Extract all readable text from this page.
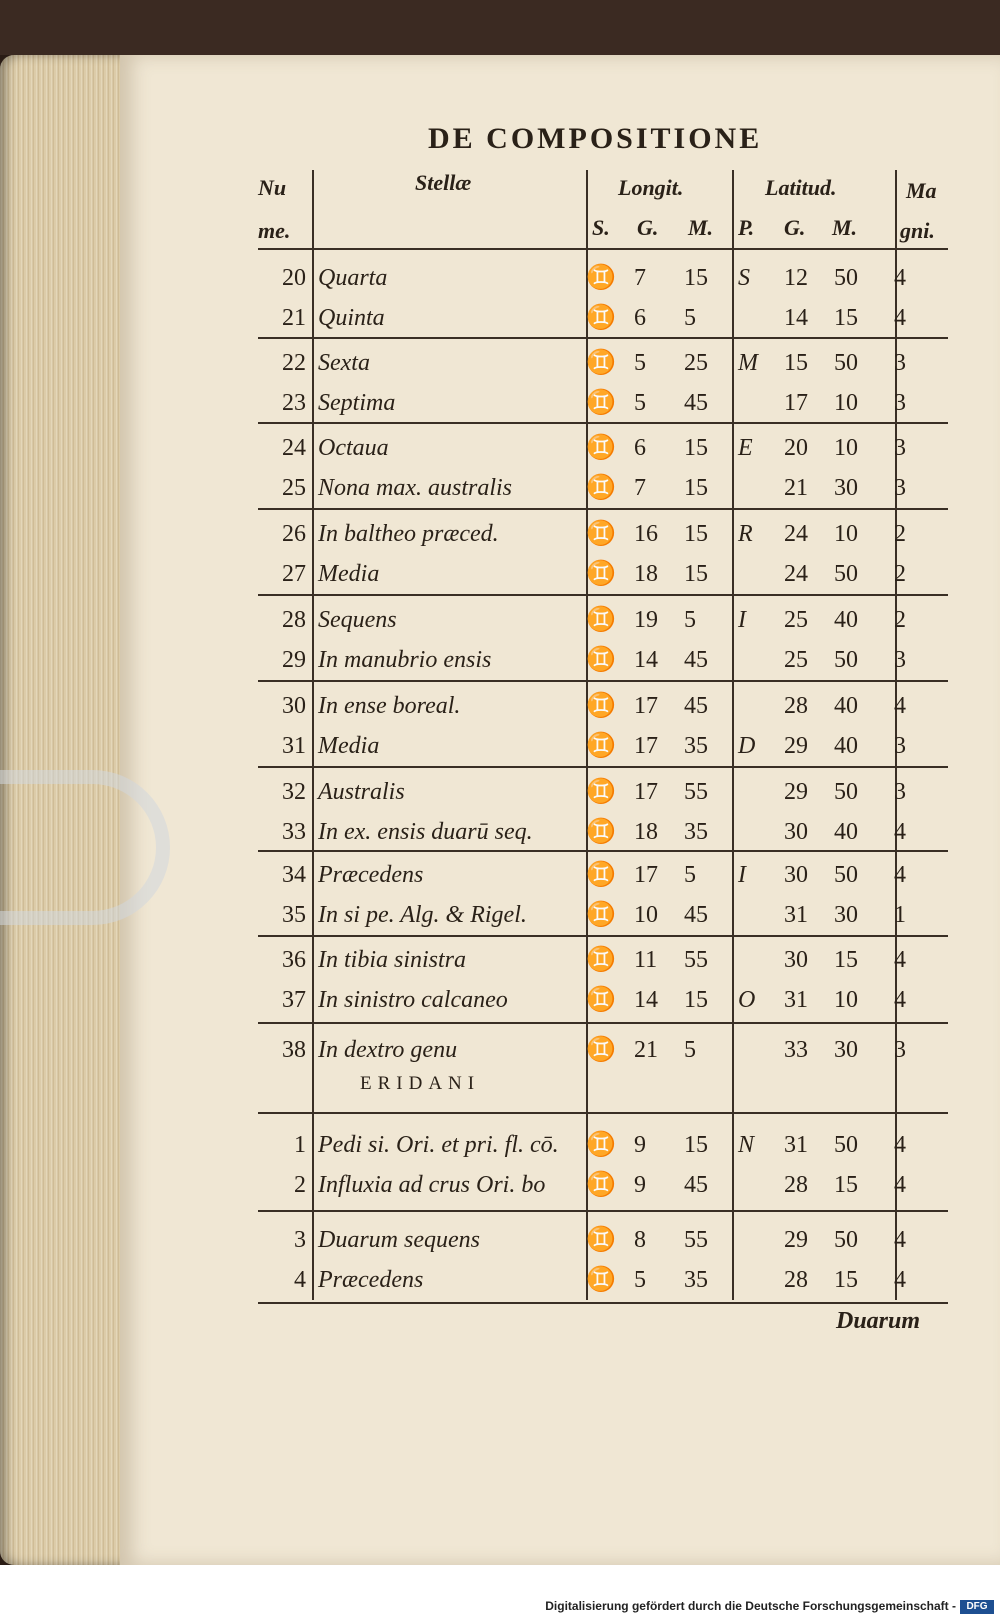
DE COMPOSITIONE
Nu
me.
Stellæ	Longit.	Latitud.	Ma
gni.
S. G. M. P. G. M.
20 Quarta	♊ 7 15 S 12 50 4
21 Quinta	♊ 6 5	14 15 4
22 Sexta	♊ 5 25 M 15 50 3
23 Septima	♊ 5 45	17 10 3
24 Octaua	♊ 6 15 E 20 10 3
25 Nona max. australis	♊ 7 15	21 30 3
26 In baltheo præced.	♊ 16 15 R 24 10 2
27 Media	♊ 18 15	24 50 2
28 Sequens	♊ 19 5 I 25 40 2
29 In manubrio ensis	♊ 14 45	25 50 3
30 In ense boreal.	♊ 17 45	28 40 4
31 Media	♊ 17 35 D 29 40 3
32 Australis	♊ 17 55	29 50 3
33 In ex. ensis duarū seq. ♊ 18 35	30 40 4
34 Præcedens	♊ 17 5 I 30 50 4
35 In si pe. Alg. & Rigel. ♊ 10 45	31 30 1
36 In tibia sinistra	♊ 11 55	30 15 4
37 In sinistro calcaneo	♊ 14 15 O 31 10 4
38 In dextro genu	♊ 21 5	33 30 3
1 Pedi si. Ori. et pri. fl. cō. ♊ 9 15 N 31 50 4
2 Influxia ad crus Ori. bo ♊ 9 45	28 15 4
3 Duarum sequens	♊ 8 55	29 50 4
4 Præcedens	♊ 5 35	28 15 4
ERIDANI
Duarum
Digitalisierung gefördert durch die Deutsche Forschungsgemeinschaft -	DFG
